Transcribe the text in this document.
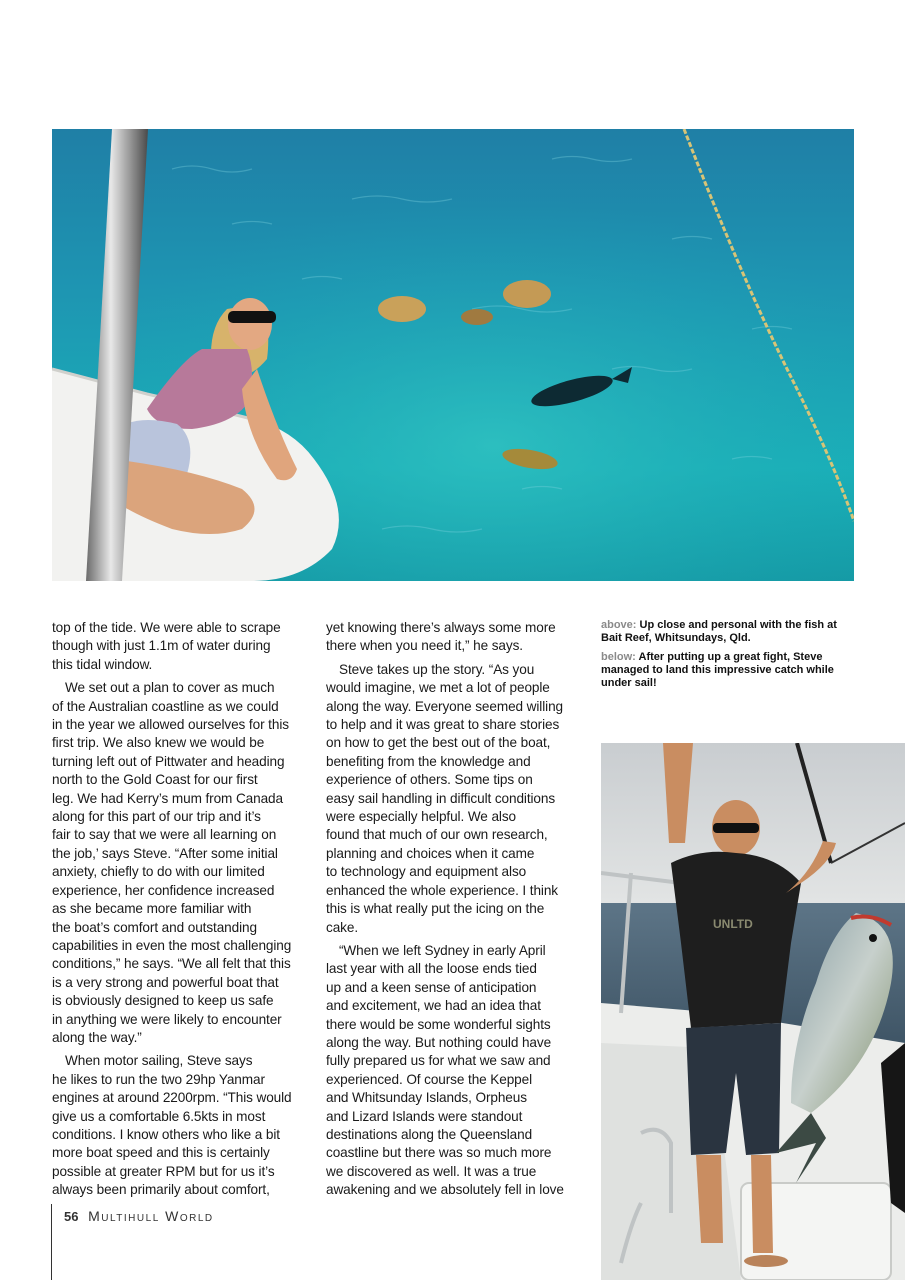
top of the tide. We were able to scrape
though with just 1.1m of water during
this tidal window.

We set out a plan to cover as much
of the Australian coastline as we could
in the year we allowed ourselves for this
first trip. We also knew we would be
turning left out of Pittwater and heading
north to the Gold Coast for our first
leg. We had Kerry’s mum from Canada
along for this part of our trip and it’s
fair to say that we were all learning on
the job,’ says Steve. “After some initial
anxiety, chiefly to do with our limited
experience, her confidence increased
as she became more familiar with
the boat’s comfort and outstanding
capabilities in even the most challenging
conditions,” he says. “We all felt that this
is a very strong and powerful boat that
is obviously designed to keep us safe
in anything we were likely to encounter
along the way.”

When motor sailing, Steve says
he likes to run the two 29hp Yanmar
engines at around 2200rpm. “This would
give us a comfortable 6.5kts in most
conditions. I know others who like a bit
more boat speed and this is certainly
possible at greater RPM but for us it’s
always been primarily about comfort,

yet knowing there’s always some more
there when you need it,” he says.

Steve takes up the story. “As you
would imagine, we met a lot of people
along the way. Everyone seemed willing
to help and it was great to share stories
on how to get the best out of the boat,
benefiting from the knowledge and
experience of others. Some tips on
easy sail handling in difficult conditions
were especially helpful. We also
found that much of our own research,
planning and choices when it came
to technology and equipment also
enhanced the whole experience. I think
this is what really put the icing on the
cake.

“When we left Sydney in early April
last year with all the loose ends tied
up and a keen sense of anticipation
and excitement, we had an idea that
there would be some wonderful sights
along the way. But nothing could have
fully prepared us for what we saw and
experienced. Of course the Keppel
and Whitsunday Islands, Orpheus
and Lizard Islands were standout
destinations along the Queensland
coastline but there was so much more
we discovered as well. It was a true
awakening and we absolutely fell in love

above: Up close and personal with the fish at Bait Reef, Whitsundays, Qld.

below: After putting up a great fight, Steve managed to land this impressive catch while under sail!

UNLTD
56 Multihull World
